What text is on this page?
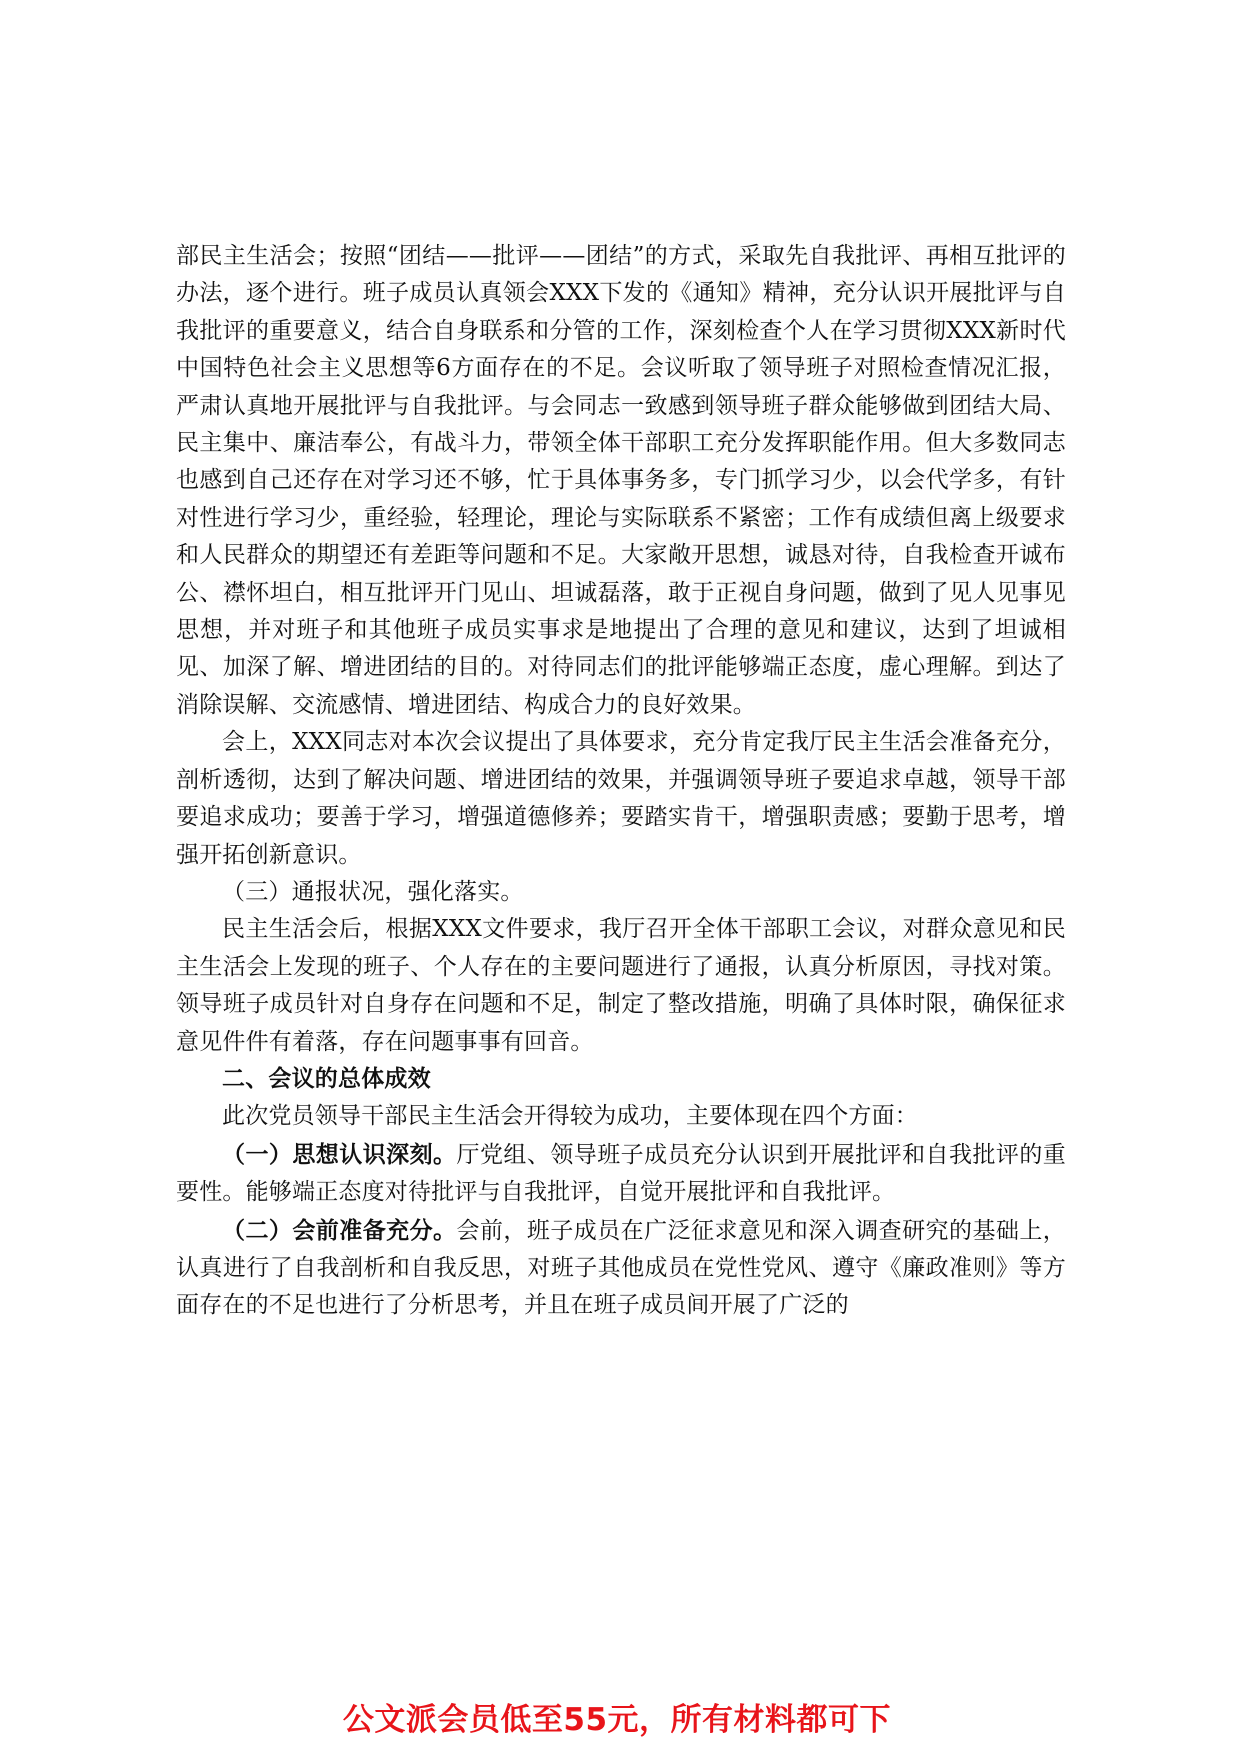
部民主生活会；按照“团结——批评——团结”的方式，采取先自我批评、再相互批评的办法，逐个进行。班子成员认真领会XXX下发的《通知》精神，充分认识开展批评与自我批评的重要意义，结合自身联系和分管的工作，深刻检查个人在学习贯彻XXX新时代中国特色社会主义思想等6方面存在的不足。会议听取了领导班子对照检查情况汇报，严肃认真地开展批评与自我批评。与会同志一致感到领导班子群众能够做到团结大局、民主集中、廉洁奉公，有战斗力，带领全体干部职工充分发挥职能作用。但大多数同志也感到自己还存在对学习还不够，忙于具体事务多，专门抓学习少，以会代学多，有针对性进行学习少，重经验，轻理论，理论与实际联系不紧密；工作有成绩但离上级要求和人民群众的期望还有差距等问题和不足。大家敞开思想，诚恳对待，自我检查开诚布公、襟怀坦白，相互批评开门见山、坦诚磊落，敢于正视自身问题，做到了见人见事见思想，并对班子和其他班子成员实事求是地提出了合理的意见和建议，达到了坦诚相见、加深了解、增进团结的目的。对待同志们的批评能够端正态度，虚心理解。到达了消除误解、交流感情、增进团结、构成合力的良好效果。

会上，XXX同志对本次会议提出了具体要求，充分肯定我厅民主生活会准备充分，剖析透彻，达到了解决问题、增进团结的效果，并强调领导班子要追求卓越，领导干部要追求成功；要善于学习，增强道德修养；要踏实肯干，增强职责感；要勤于思考，增强开拓创新意识。

（三）通报状况，强化落实。

民主生活会后，根据XXX文件要求，我厅召开全体干部职工会议，对群众意见和民主生活会上发现的班子、个人存在的主要问题进行了通报，认真分析原因，寻找对策。领导班子成员针对自身存在问题和不足，制定了整改措施，明确了具体时限，确保征求意见件件有着落，存在问题事事有回音。

二、会议的总体成效

此次党员领导干部民主生活会开得较为成功，主要体现在四个方面：

（一）思想认识深刻。厅党组、领导班子成员充分认识到开展批评和自我批评的重要性。能够端正态度对待批评与自我批评，自觉开展批评和自我批评。

（二）会前准备充分。会前，班子成员在广泛征求意见和深入调查研究的基础上，认真进行了自我剖析和自我反思，对班子其他成员在党性党风、遵守《廉政准则》等方面存在的不足也进行了分析思考，并且在班子成员间开展了广泛的

公文派会员低至55元，所有材料都可下
